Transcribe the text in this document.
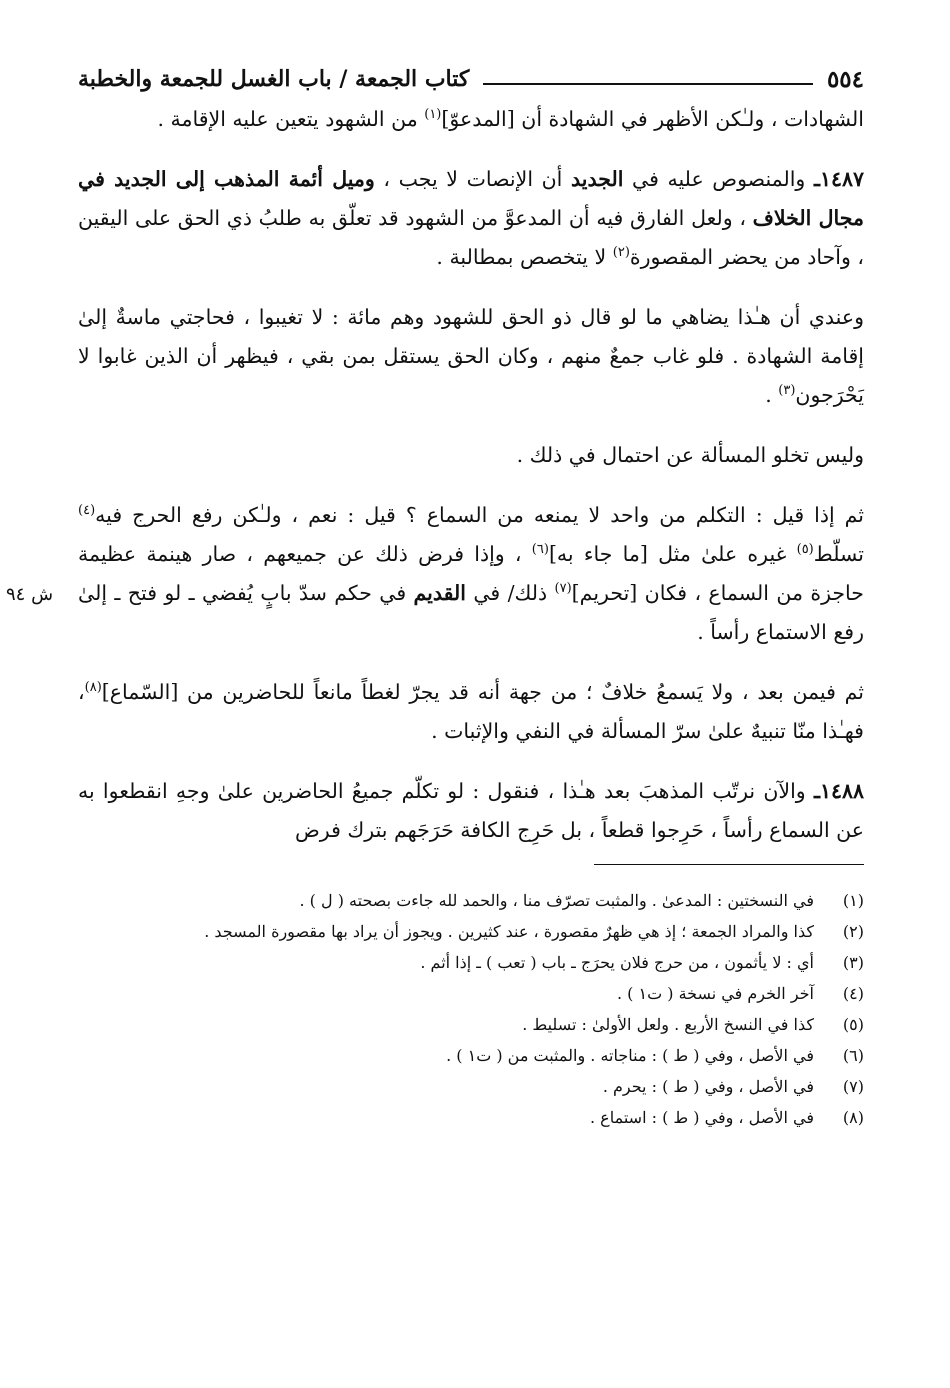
٥٥٤
كتاب الجمعة / باب الغسل للجمعة والخطبة

الشهادات ، ولـٰكن الأظهر في الشهادة أن [المدعوّ]$^{(١)}$ من الشهود يتعين عليه الإقامة .

١٤٨٧ـ والمنصوص عليه في الجديد أن الإنصات لا يجب ، وميل أئمة المذهب إلى الجديد في مجال الخلاف ، ولعل الفارق فيه أن المدعوَّ من الشهود قد تعلّق به طلبُ ذي الحق على اليقين ، وآحاد من يحضر المقصورة$^{(٢)}$ لا يتخصص بمطالبة .

وعندي أن هـٰذا يضاهي ما لو قال ذو الحق للشهود وهم مائة : لا تغيبوا ، فحاجتي ماسةٌ إلىٰ إقامة الشهادة . فلو غاب جمعٌ منهم ، وكان الحق يستقل بمن بقي ، فيظهر أن الذين غابوا لا يَحْرَجون$^{(٣)}$ .

وليس تخلو المسألة عن احتمال في ذلك .

ش ٩٤

ثم إذا قيل : التكلم من واحد لا يمنعه من السماع ؟ قيل : نعم ، ولـٰكن رفع الحرج فيه$^{(٤)}$ تسلّط$^{(٥)}$ غيره علىٰ مثل [ما جاء به]$^{(٦)}$ ، وإذا فرض ذلك عن جميعهم ، صار هينمة عظيمة حاجزة من السماع ، فكان [تحريم]$^{(٧)}$ ذلك/ في القديم في حكم سدّ بابٍ يُفضي ـ لو فتح ـ إلىٰ رفع الاستماع رأساً .

ثم فيمن بعد ، ولا يَسمعُ خلافٌ ؛ من جهة أنه قد يجرّ لغطاً مانعاً للحاضرين من [السّماع]$^{(٨)}$، فهـٰذا منّا تنبيهٌ علىٰ سرّ المسألة في النفي والإثبات .

١٤٨٨ـ والآن نرتّب المذهبَ بعد هـٰذا ، فنقول : لو تكلّم جميعُ الحاضرين علىٰ وجهِ انقطعوا به عن السماع رأساً ، حَرِجوا قطعاً ، بل حَرِج الكافة حَرَجَهم بترك فرض

(١)
في النسختين : المدعىٰ . والمثبت تصرّف منا ، والحمد لله جاءت بصحته ( ل ) .
(٢)
كذا والمراد الجمعة ؛ إذ هي ظهرٌ مقصورة ، عند كثيرين . ويجوز أن يراد بها مقصورة المسجد .
(٣)
أي : لا يأثمون ، من حرج فلان يحرَج ـ باب ( تعب ) ـ إذا أثم .
(٤)
آخر الخرم في نسخة ( ت١ ) .
(٥)
كذا في النسخ الأربع . ولعل الأولىٰ : تسليط .
(٦)
في الأصل ، وفي ( ط ) : مناجاته . والمثبت من ( ت١ ) .
(٧)
في الأصل ، وفي ( ط ) : يحرم .
(٨)
في الأصل ، وفي ( ط ) : استماع .
